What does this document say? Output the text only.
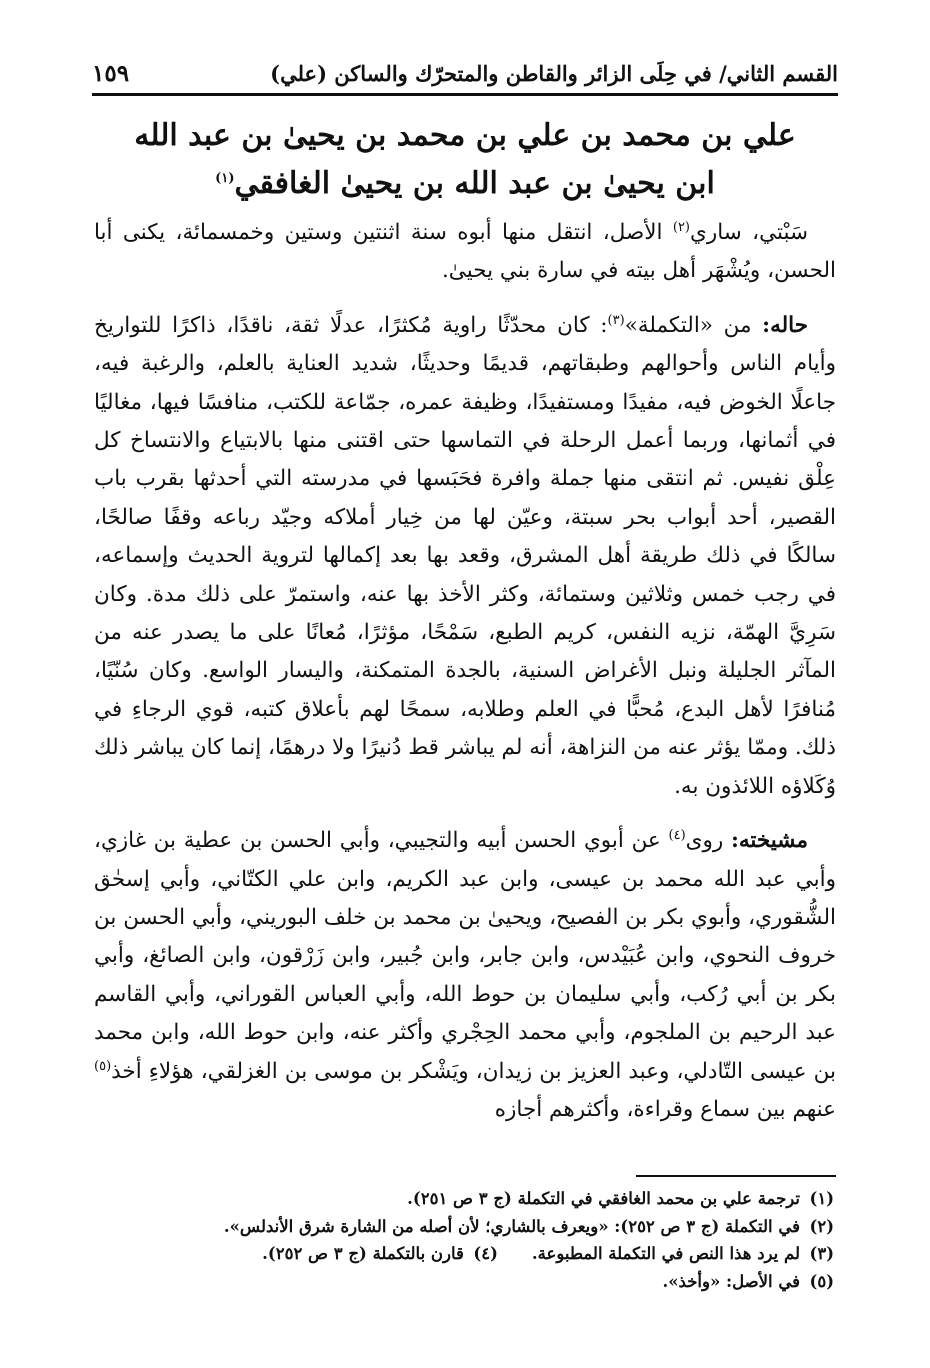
القسم الثاني/ في حِلَى الزائر والقاطن والمتحرّك والساكن (علي)
١٥٩
علي بن محمد بن علي بن محمد بن يحيىٰ بن عبد الله
ابن يحيىٰ بن عبد الله بن يحيىٰ الغافقي$^{(١)}$

سَبْتي، ساري$^{(٢)}$ الأصل، انتقل منها أبوه سنة اثنتين وستين وخمسمائة، يكنى أبا الحسن، ويُشْهَر أهل بيته في سارة بني يحيىٰ.

حاله: من «التكملة»$^{(٣)}$: كان محدّثًا راوية مُكثرًا، عدلًا ثقة، ناقدًا، ذاكرًا للتواريخ وأيام الناس وأحوالهم وطبقاتهم، قديمًا وحديثًا، شديد العناية بالعلم، والرغبة فيه، جاعلًا الخوض فيه، مفيدًا ومستفيدًا، وظيفة عمره، جمّاعة للكتب، منافسًا فيها، مغاليًا في أثمانها، وربما أعمل الرحلة في التماسها حتى اقتنى منها بالابتياع والانتساخ كل عِلْق نفيس. ثم انتقى منها جملة وافرة فحَبَسها في مدرسته التي أحدثها بقرب باب القصير، أحد أبواب بحر سبتة، وعيّن لها من خِيار أملاكه وجيّد رباعه وقفًا صالحًا، سالكًا في ذلك طريقة أهل المشرق، وقعد بها بعد إكمالها لتروية الحديث وإسماعه، في رجب خمس وثلاثين وستمائة، وكثر الأخذ بها عنه، واستمرّ على ذلك مدة. وكان سَرِيَّ الهمّة، نزيه النفس، كريم الطبع، سَمْحًا، مؤثرًا، مُعانًا على ما يصدر عنه من المآثر الجليلة ونبل الأغراض السنية، بالجدة المتمكنة، واليسار الواسع. وكان سُنّيًا، مُنافرًا لأهل البدع، مُحبًّا في العلم وطلابه، سمحًا لهم بأعلاق كتبه، قوي الرجاءِ في ذلك. وممّا يؤثر عنه من النزاهة، أنه لم يباشر قط دُنيرًا ولا درهمًا، إنما كان يباشر ذلك وُكَلاؤه اللائذون به.

مشيخته: روى$^{(٤)}$ عن أبوي الحسن أبيه والتجيبي، وأبي الحسن بن عطية بن غازي، وأبي عبد الله محمد بن عيسى، وابن عبد الكريم، وابن علي الكتّاني، وأبي إسحٰق الشُّقوري، وأبوي بكر بن الفصيح، ويحيىٰ بن محمد بن خلف البوريني، وأبي الحسن بن خروف النحوي، وابن عُبَيْدس، وابن جابر، وابن جُبير، وابن زَرْقون، وابن الصائغ، وأبي بكر بن أبي رُكب، وأبي سليمان بن حوط الله، وأبي العباس القوراني، وأبي القاسم عبد الرحيم بن الملجوم، وأبي محمد الحِجْري وأكثر عنه، وابن حوط الله، وابن محمد بن عيسى التّادلي، وعبد العزيز بن زيدان، ويَشْكر بن موسى بن الغزلقي، هؤلاءِ أخذ$^{(٥)}$ عنهم بين سماع وقراءة، وأكثرهم أجازه

(١)ترجمة علي بن محمد الغافقي في التكملة (ج ٣ ص ٢٥١).
(٢)في التكملة (ج ٣ ص ٢٥٢): «ويعرف بالشاري؛ لأن أصله من الشارة شرق الأندلس».
(٣)لم يرد هذا النص في التكملة المطبوعة.(٤)قارن بالتكملة (ج ٣ ص ٢٥٢).
(٥)في الأصل: «وأخذ».
